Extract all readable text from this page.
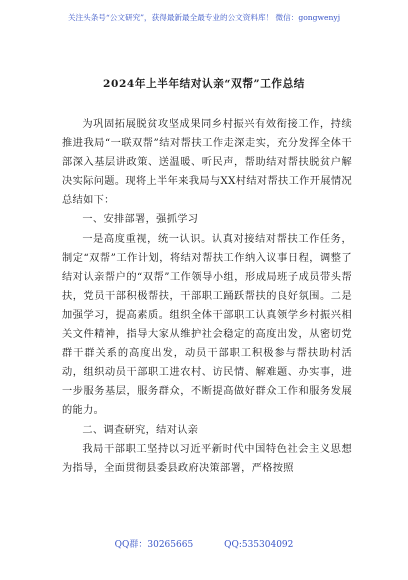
关注头条号“公文研究”，获得最新最全最专业的公文资料库！ 微信：gongwenyj
2024年上半年结对认亲“双帮”工作总结

为巩固拓展脱贫攻坚成果同乡村振兴有效衔接工作，持续推进我局“一联双帮”结对帮扶工作走深走实，充分发挥全体干部深入基层讲政策、送温暖、听民声，帮助结对帮扶脱贫户解决实际问题。现将上半年来我局与XX村结对帮扶工作开展情况总结如下：

一、安排部署，强抓学习

一是高度重视，统一认识。认真对接结对帮扶工作任务，制定“双帮”工作计划，将结对帮扶工作纳入议事日程，调整了结对认亲帮户的“双帮”工作领导小组，形成局班子成员带头帮扶，党员干部积极帮扶，干部职工踊跃帮扶的良好氛围。二是加强学习，提高素质。组织全体干部职工认真领学乡村振兴相关文件精神，指导大家从维护社会稳定的高度出发，从密切党群干群关系的高度出发，动员干部职工积极参与帮扶助村活动，组织动员干部职工进农村、访民情、解难题、办实事，进一步服务基层，服务群众，不断提高做好群众工作和服务发展的能力。

二、调查研究，结对认亲

我局干部职工坚持以习近平新时代中国特色社会主义思想为指导，全面贯彻县委县政府决策部署，严格按照

QQ群：30265665	QQ:535304092
